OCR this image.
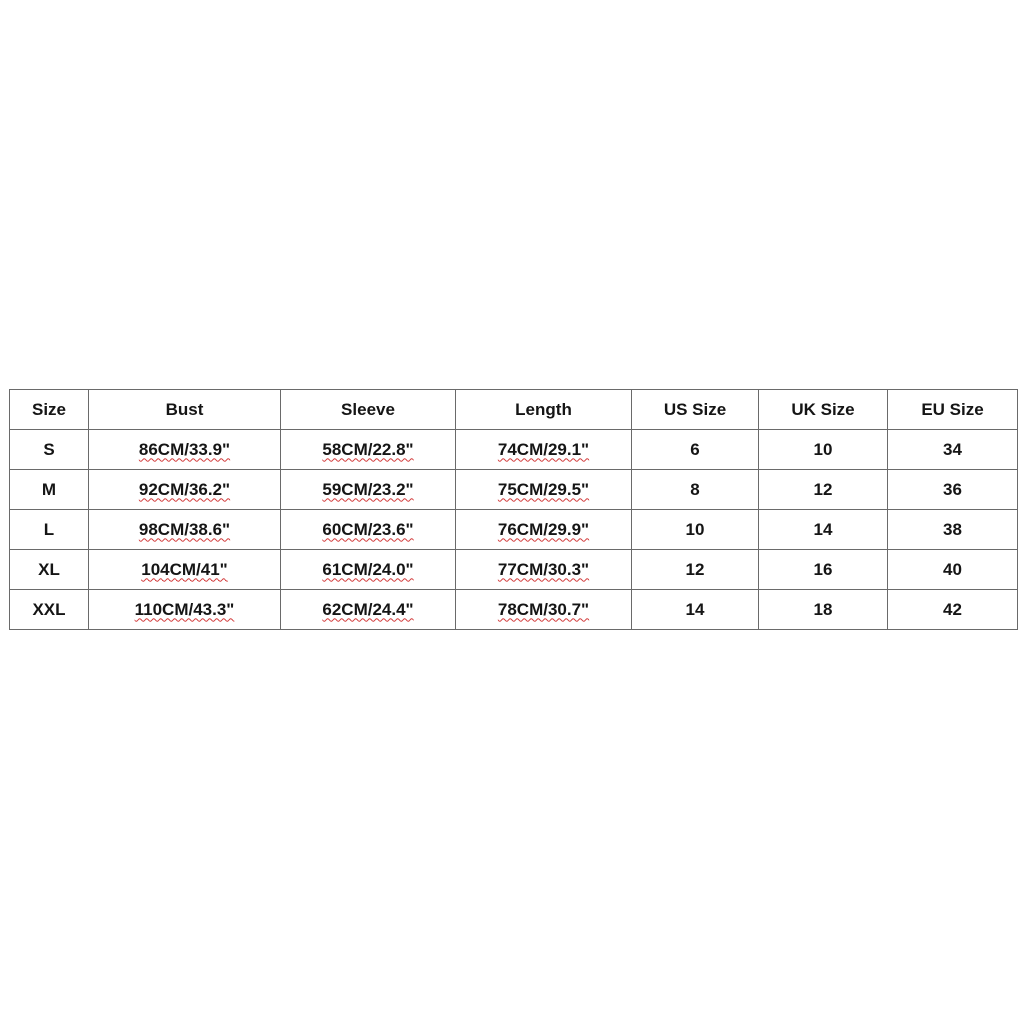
Size	Bust	Sleeve	Length	US Size	UK Size	EU Size
S	86CM/33.9"	58CM/22.8"	74CM/29.1"	6	10	34
M	92CM/36.2"	59CM/23.2"	75CM/29.5"	8	12	36
L	98CM/38.6"	60CM/23.6"	76CM/29.9"	10	14	38
XL	104CM/41"	61CM/24.0"	77CM/30.3"	12	16	40
XXL	110CM/43.3"	62CM/24.4"	78CM/30.7"	14	18	42
